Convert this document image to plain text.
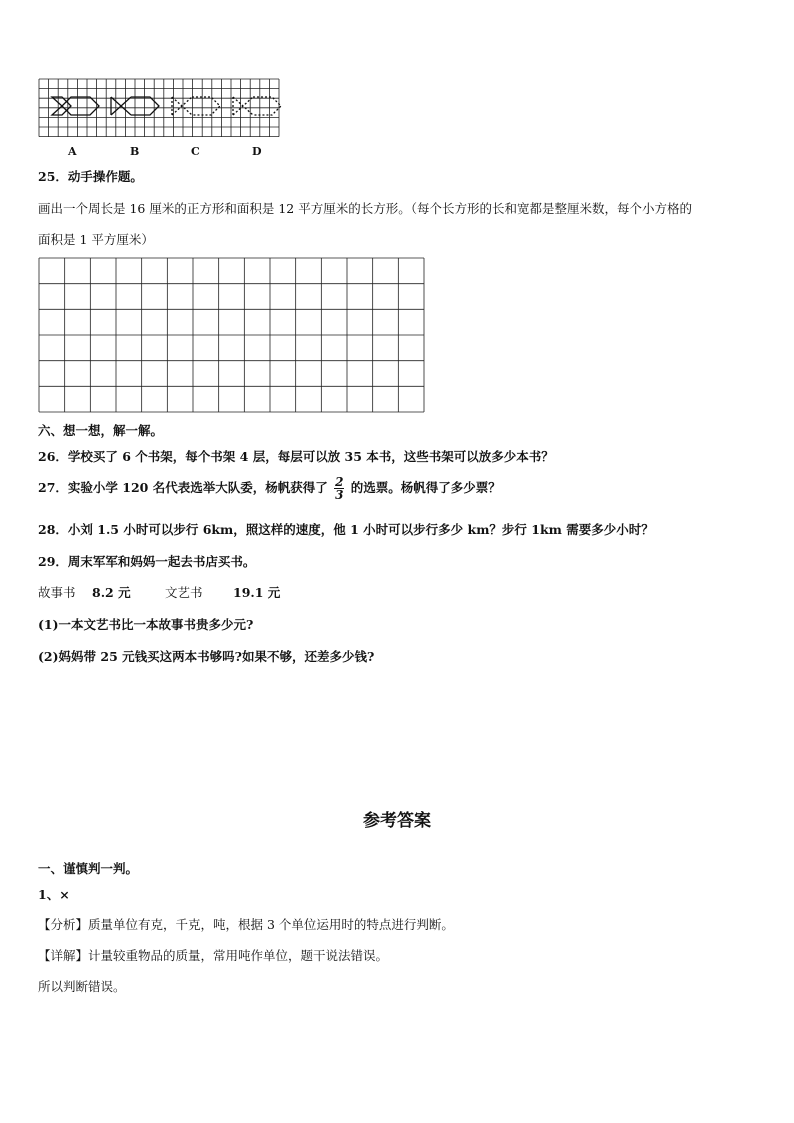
A	B	C	D
25．动手操作题。
画出一个周长是 16 厘米的正方形和面积是 12 平方厘米的长方形。（每个长方形的长和宽都是整厘米数，每个小方格的
面积是 1 平方厘米）
六、想一想，解一解。
26．学校买了 6 个书架，每个书架 4 层，每层可以放 35 本书，这些书架可以放多少本书？
27．实验小学 120 名代表选举大队委，杨帆获得了 $\frac{2}{3}$ 的选票。杨帆得了多少票？
28．小刘 1.5 小时可以步行 6km，照这样的速度，他 1 小时可以步行多少 km？步行 1km 需要多少小时？
29．周末军军和妈妈一起去书店买书。
故事书 8.2 元	文艺书 19.1 元
(1)一本文艺书比一本故事书贵多少元?
(2)妈妈带 25 元钱买这两本书够吗?如果不够，还差多少钱?
参考答案
一、谨慎判一判。
1、×
【分析】质量单位有克，千克，吨，根据 3 个单位运用时的特点进行判断。
【详解】计量较重物品的质量，常用吨作单位，题干说法错误。
所以判断错误。
